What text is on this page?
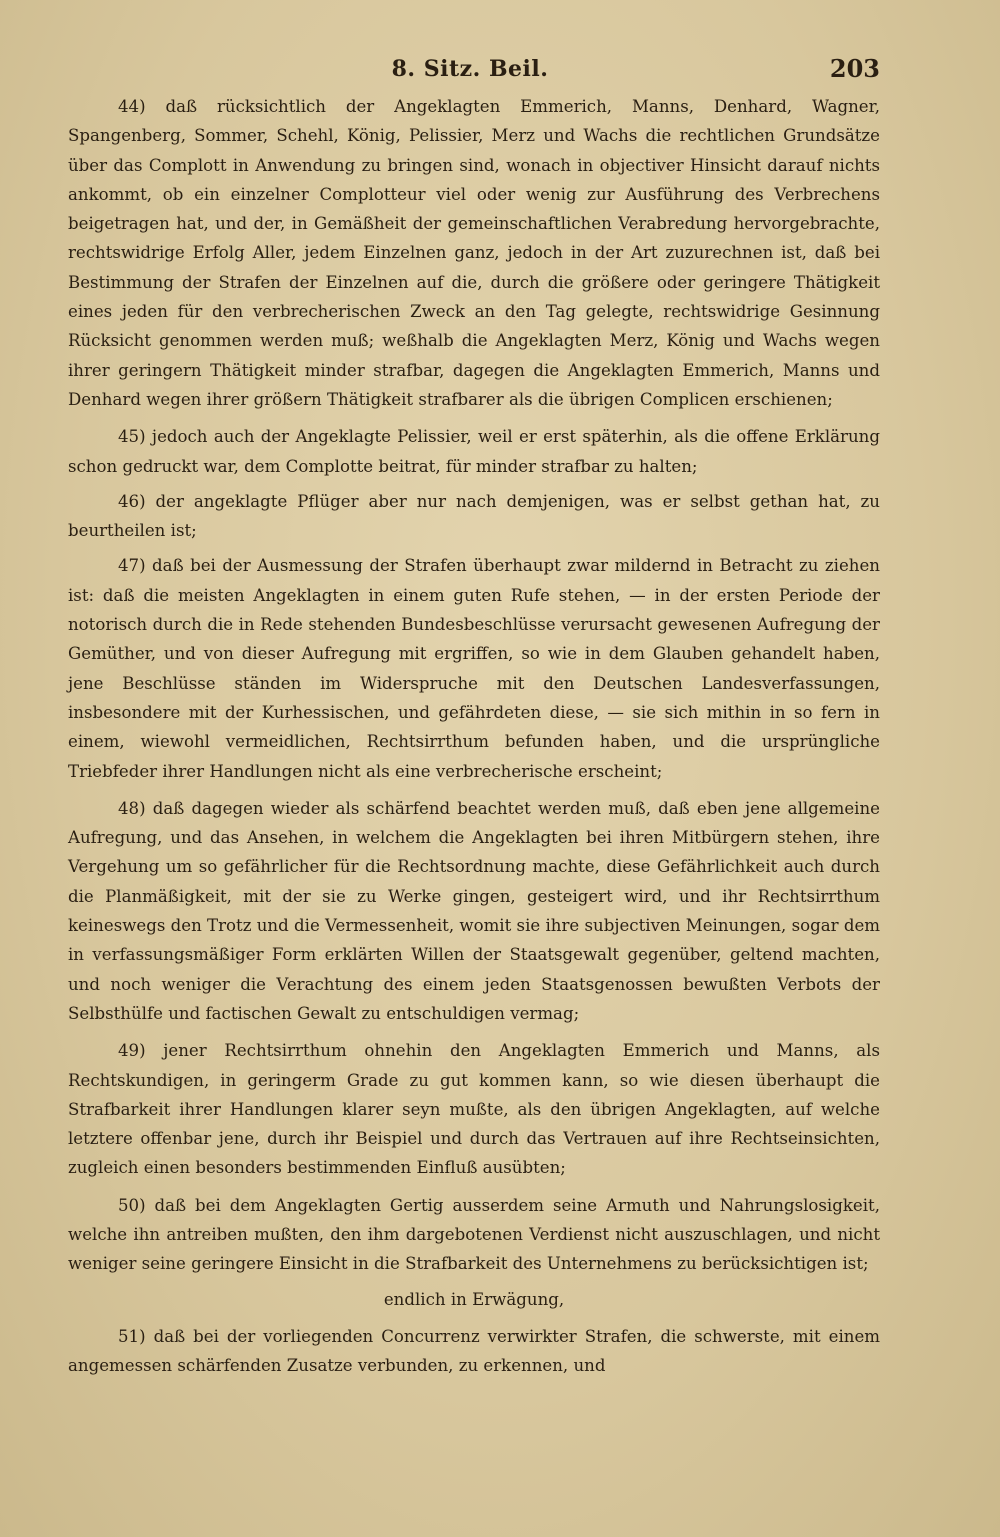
8. Sitz. Beil.	203

44) daß rücksichtlich der Angeklagten Emmerich, Manns, Denhard, Wagner, Spangenberg, Sommer, Schehl, König, Pelissier, Merz und Wachs die rechtlichen Grundsätze über das Complott in Anwendung zu bringen sind, wonach in objectiver Hinsicht darauf nichts ankommt, ob ein einzelner Complotteur viel oder wenig zur Ausführung des Verbrechens beigetragen hat, und der, in Gemäßheit der gemeinschaftlichen Verabredung hervorgebrachte, rechtswidrige Erfolg Aller, jedem Einzelnen ganz, jedoch in der Art zuzurechnen ist, daß bei Bestimmung der Strafen der Einzelnen auf die, durch die größere oder geringere Thätigkeit eines jeden für den verbrecherischen Zweck an den Tag gelegte, rechtswidrige Gesinnung Rücksicht genommen werden muß; weßhalb die Angeklagten Merz, König und Wachs wegen ihrer geringern Thätigkeit minder strafbar, dagegen die Angeklagten Emmerich, Manns und Denhard wegen ihrer größern Thätigkeit strafbarer als die übrigen Complicen erschienen;

45) jedoch auch der Angeklagte Pelissier, weil er erst späterhin, als die offene Erklärung schon gedruckt war, dem Complotte beitrat, für minder strafbar zu halten;

46) der angeklagte Pflüger aber nur nach demjenigen, was er selbst gethan hat, zu beurtheilen ist;

47) daß bei der Ausmessung der Strafen überhaupt zwar mildernd in Betracht zu ziehen ist: daß die meisten Angeklagten in einem guten Rufe stehen, — in der ersten Periode der notorisch durch die in Rede stehenden Bundesbeschlüsse verursacht gewesenen Aufregung der Gemüther, und von dieser Aufregung mit ergriffen, so wie in dem Glauben gehandelt haben, jene Beschlüsse ständen im Widerspruche mit den Deutschen Landesverfassungen, insbesondere mit der Kurhessischen, und gefährdeten diese, — sie sich mithin in so fern in einem, wiewohl vermeidlichen, Rechtsirrthum befunden haben, und die ursprüngliche Triebfeder ihrer Handlungen nicht als eine verbrecherische erscheint;

48) daß dagegen wieder als schärfend beachtet werden muß, daß eben jene allgemeine Aufregung, und das Ansehen, in welchem die Angeklagten bei ihren Mitbürgern stehen, ihre Vergehung um so gefährlicher für die Rechtsordnung machte, diese Gefährlichkeit auch durch die Planmäßigkeit, mit der sie zu Werke gingen, gesteigert wird, und ihr Rechtsirrthum keineswegs den Trotz und die Vermessenheit, womit sie ihre subjectiven Meinungen, sogar dem in verfassungsmäßiger Form erklärten Willen der Staatsgewalt gegenüber, geltend machten, und noch weniger die Verachtung des einem jeden Staatsgenossen bewußten Verbots der Selbsthülfe und factischen Gewalt zu entschuldigen vermag;

49) jener Rechtsirrthum ohnehin den Angeklagten Emmerich und Manns, als Rechtskundigen, in geringerm Grade zu gut kommen kann, so wie diesen überhaupt die Strafbarkeit ihrer Handlungen klarer seyn mußte, als den übrigen Angeklagten, auf welche letztere offenbar jene, durch ihr Beispiel und durch das Vertrauen auf ihre Rechtseinsichten, zugleich einen besonders bestimmenden Einfluß ausübten;

50) daß bei dem Angeklagten Gertig ausserdem seine Armuth und Nahrungslosigkeit, welche ihn antreiben mußten, den ihm dargebotenen Verdienst nicht auszuschlagen, und nicht weniger seine geringere Einsicht in die Strafbarkeit des Unternehmens zu berücksichtigen ist;

endlich in Erwägung,

51) daß bei der vorliegenden Concurrenz verwirkter Strafen, die schwerste, mit einem angemessen schärfenden Zusatze verbunden, zu erkennen, und
